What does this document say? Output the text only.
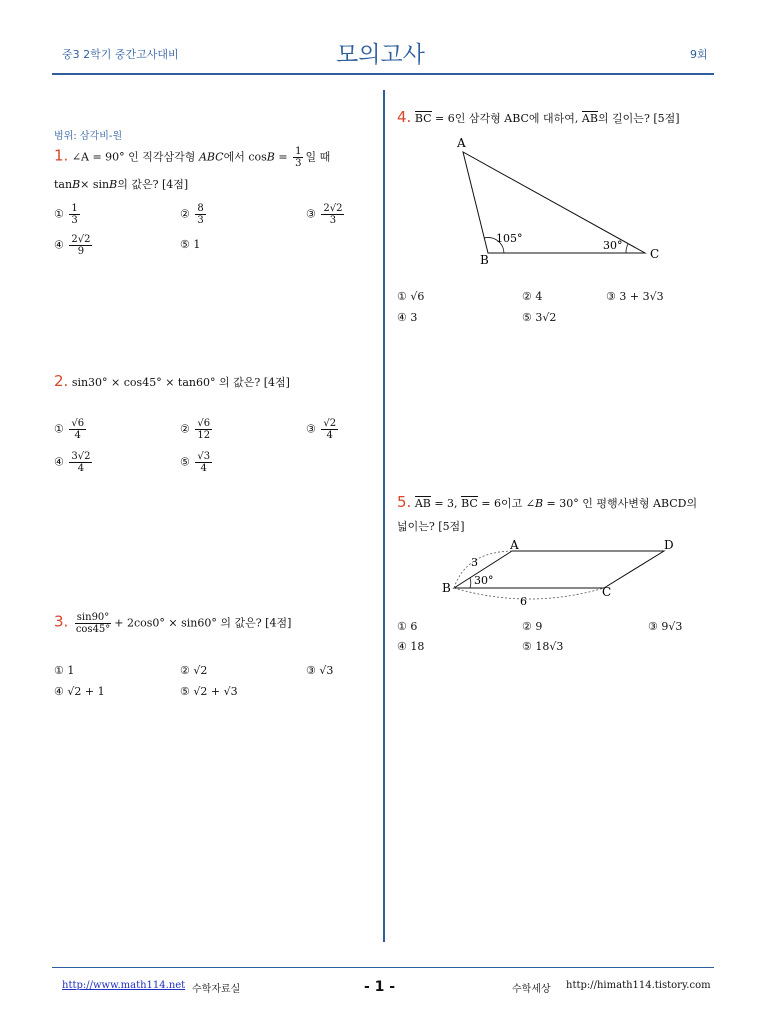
중3 2학기 중간고사대비	모의고사	9회
범위: 삼각비-원
1. ∠A = 90° 인 직각삼각형 ABC에서 $\cos B = \frac{1}{3}$ 일 때
tanB× sinB의 값은? [4점]
① $\frac{1}{3}$	② $\frac{8}{3}$	③ $\frac{2√2}{3}$
④ $\frac{2√2}{9}$	⑤ 1
2. sin30° × cos45° × tan60° 의 값은? [4점]
① $\frac{√6}{4}$	② $\frac{√6}{12}$	③ $\frac{√2}{4}$
④ $\frac{3√2}{4}$	⑤ $\frac{√3}{4}$
3. $\frac{\sin 90^\circ}{\cos 45^\circ} + 2\cos 0^\circ \times \sin 60^\circ$ 의 값은? [4점]
① 1	② √2	③ √3
④ √2 + 1	⑤ √2 + √3
4. BC = 6인 삼각형 ABC에 대하여, AB의 길이는? [5점]
A
B	C
105°
30°
① √6	② 4	③ 3 + 3√3
④ 3	⑤ 3√2
5. AB = 3, BC = 6이고 ∠B = 30° 인 평행사변형 ABCD의
넓이는? [5점]
A
B	C
D
3
6
30°
① 6	② 9	③ 9√3
④ 18	⑤ 18√3
http://www.math114.net 수학자료실	- 1 -	수학세상 http://himath114.tistory.com
